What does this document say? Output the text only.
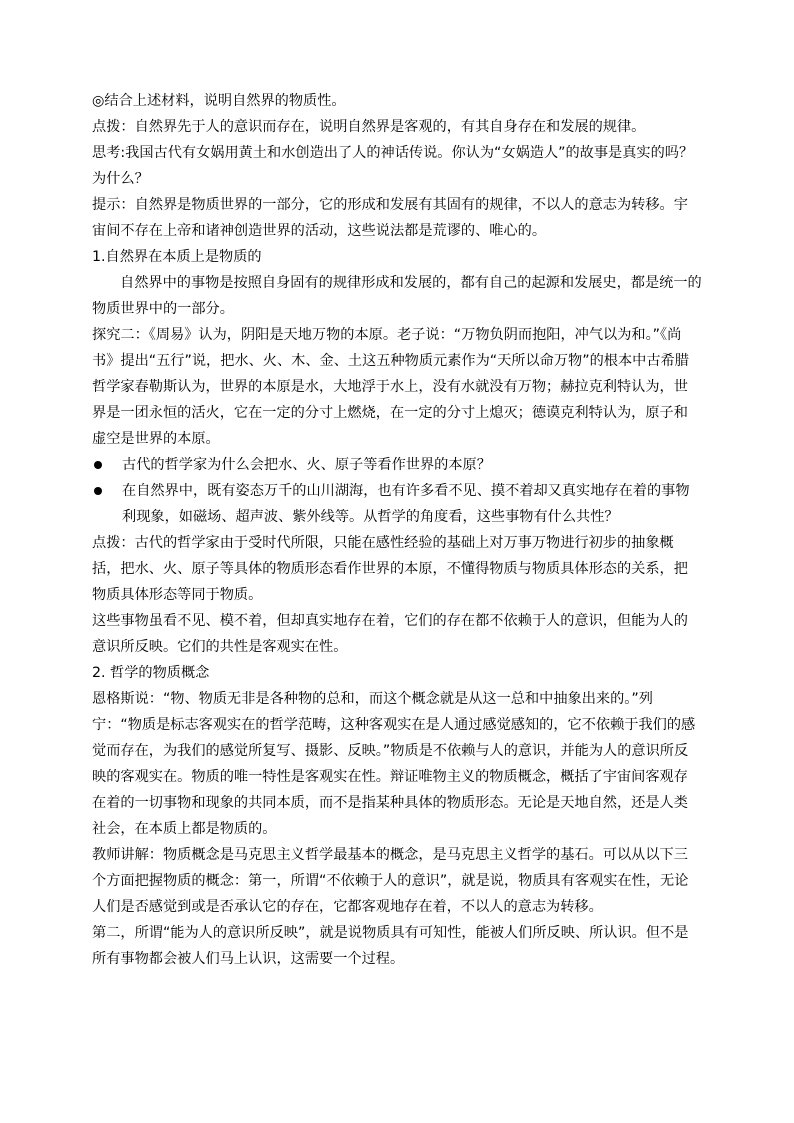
◎结合上述材料，说明自然界的物质性。

点拨：自然界先于人的意识而存在，说明自然界是客观的，有其自身存在和发展的规律。

思考:我国古代有女娲用黄土和水创造出了人的神话传说。你认为“女娲造人”的故事是真实的吗？为什么？

提示：自然界是物质世界的一部分，它的形成和发展有其固有的规律，不以人的意志为转移。宇宙间不存在上帝和诸神创造世界的活动，这些说法都是荒谬的、唯心的。

1.自然界在本质上是物质的

自然界中的事物是按照自身固有的规律形成和发展的，都有自己的起源和发展史，都是统一的物质世界中的一部分。

探究二：《周易》认为，阴阳是天地万物的本原。老子说：“万物负阴而抱阳，冲气以为和。”《尚书》提出“五行”说，把水、火、木、金、土这五种物质元素作为“天所以命万物”的根本中古希腊哲学家春勒斯认为，世界的本原是水，大地浮于水上，没有水就没有万物；赫拉克利特认为，世界是一团永恒的活火，它在一定的分寸上燃烧，在一定的分寸上熄灭；德谟克利特认为，原子和虚空是世界的本原。

古代的哲学家为什么会把水、火、原子等看作世界的本原？

在自然界中，既有姿态万千的山川湖海，也有许多看不见、摸不着却又真实地存在着的事物利现象，如磁场、超声波、紫外线等。从哲学的角度看，这些事物有什么共性？

点拨：古代的哲学家由于受时代所限，只能在感性经验的基础上对万事万物进行初步的抽象概括，把水、火、原子等具体的物质形态看作世界的本原，不懂得物质与物质具体形态的关系，把物质具体形态等同于物质。

这些事物虽看不见、模不着，但却真实地存在着，它们的存在都不依赖于人的意识，但能为人的意识所反映。它们的共性是客观实在性。

2. 哲学的物质概念

恩格斯说：“物、物质无非是各种物的总和，而这个概念就是从这一总和中抽象出来的。”列宁：“物质是标志客观实在的哲学范畴，这种客观实在是人通过感觉感知的，它不依赖于我们的感觉而存在，为我们的感觉所复写、摄影、反映。”物质是不依赖与人的意识，并能为人的意识所反映的客观实在。物质的唯一特性是客观实在性。辩证唯物主义的物质概念，概括了宇宙间客观存在着的一切事物和现象的共同本质，而不是指某种具体的物质形态。无论是天地自然，还是人类社会，在本质上都是物质的。

教师讲解：物质概念是马克思主义哲学最基本的概念，是马克思主义哲学的基石。可以从以下三个方面把握物质的概念：第一，所谓“不依赖于人的意识”，就是说，物质具有客观实在性，无论人们是否感觉到或是否承认它的存在，它都客观地存在着，不以人的意志为转移。

第二，所谓“能为人的意识所反映”，就是说物质具有可知性，能被人们所反映、所认识。但不是所有事物都会被人们马上认识，这需要一个过程。
